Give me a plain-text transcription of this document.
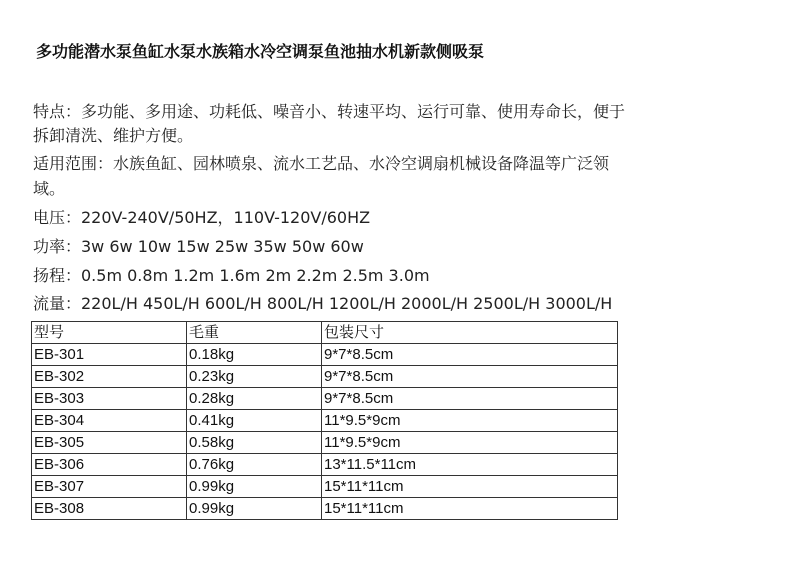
多功能潜水泵鱼缸水泵水族箱水冷空调泵鱼池抽水机新款侧吸泵
特点：多功能、多用途、功耗低、噪音小、转速平均、运行可靠、使用寿命长，便于
拆卸清洗、维护方便。
适用范围：水族鱼缸、园林喷泉、流水工艺品、水冷空调扇机械设备降温等广泛领
域。
电压：220V-240V/50HZ，110V-120V/60HZ
功率：3w 6w 10w 15w 25w 35w 50w 60w
扬程：0.5m 0.8m 1.2m 1.6m 2m 2.2m 2.5m 3.0m
流量：220L/H 450L/H 600L/H 800L/H 1200L/H 2000L/H 2500L/H 3000L/H
型号	毛重	包装尺寸
EB-301	0.18kg	9*7*8.5cm
EB-302	0.23kg	9*7*8.5cm
EB-303	0.28kg	9*7*8.5cm
EB-304	0.41kg	11*9.5*9cm
EB-305	0.58kg	11*9.5*9cm
EB-306	0.76kg	13*11.5*11cm
EB-307	0.99kg	15*11*11cm
EB-308	0.99kg	15*11*11cm
